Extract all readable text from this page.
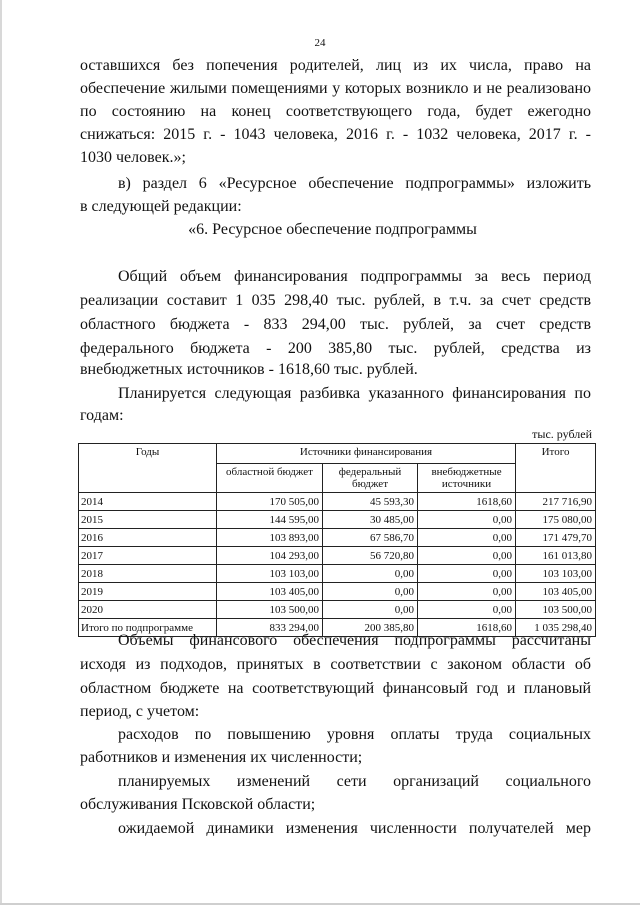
24

оставшихся без попечения родителей, лиц из их числа, право на

обеспечение жилыми помещениями у которых возникло и не реализовано

по состоянию на конец соответствующего года, будет ежегодно

снижаться: 2015 г. - 1043 человека, 2016 г. - 1032 человека, 2017 г. -

1030 человек.»;

в) раздел 6 «Ресурсное обеспечение подпрограммы» изложить

в следующей редакции:

«6. Ресурсное обеспечение подпрограммы

Общий объем финансирования подпрограммы за весь период

реализации составит 1 035 298,40 тыс. рублей, в т.ч. за счет средств

областного бюджета - 833 294,00 тыс. рублей, за счет средств

федерального бюджета - 200 385,80 тыс. рублей, средства из

внебюджетных источников - 1618,60 тыс. рублей.

Планируется следующая разбивка указанного финансирования по

годам:

тыс. рублей
Годы	Источники финансирования			Итого
	областной бюджет	федеральный бюджет	внебюджетные источники	
2014	170 505,00	45 593,30	1618,60	217 716,90
2015	144 595,00	30 485,00	0,00	175 080,00
2016	103 893,00	67 586,70	0,00	171 479,70
2017	104 293,00	56 720,80	0,00	161 013,80
2018	103 103,00	0,00	0,00	103 103,00
2019	103 405,00	0,00	0,00	103 405,00
2020	103 500,00	0,00	0,00	103 500,00
Итого по подпрограмме	833 294,00	200 385,80	1618,60	1 035 298,40

Объемы финансового обеспечения подпрограммы рассчитаны

исходя из подходов, принятых в соответствии с законом области об

областном бюджете на соответствующий финансовый год и плановый

период, с учетом:

расходов по повышению уровня оплаты труда социальных

работников и изменения их численности;

планируемых изменений сети организаций социального

обслуживания Псковской области;

ожидаемой динамики изменения численности получателей мер
